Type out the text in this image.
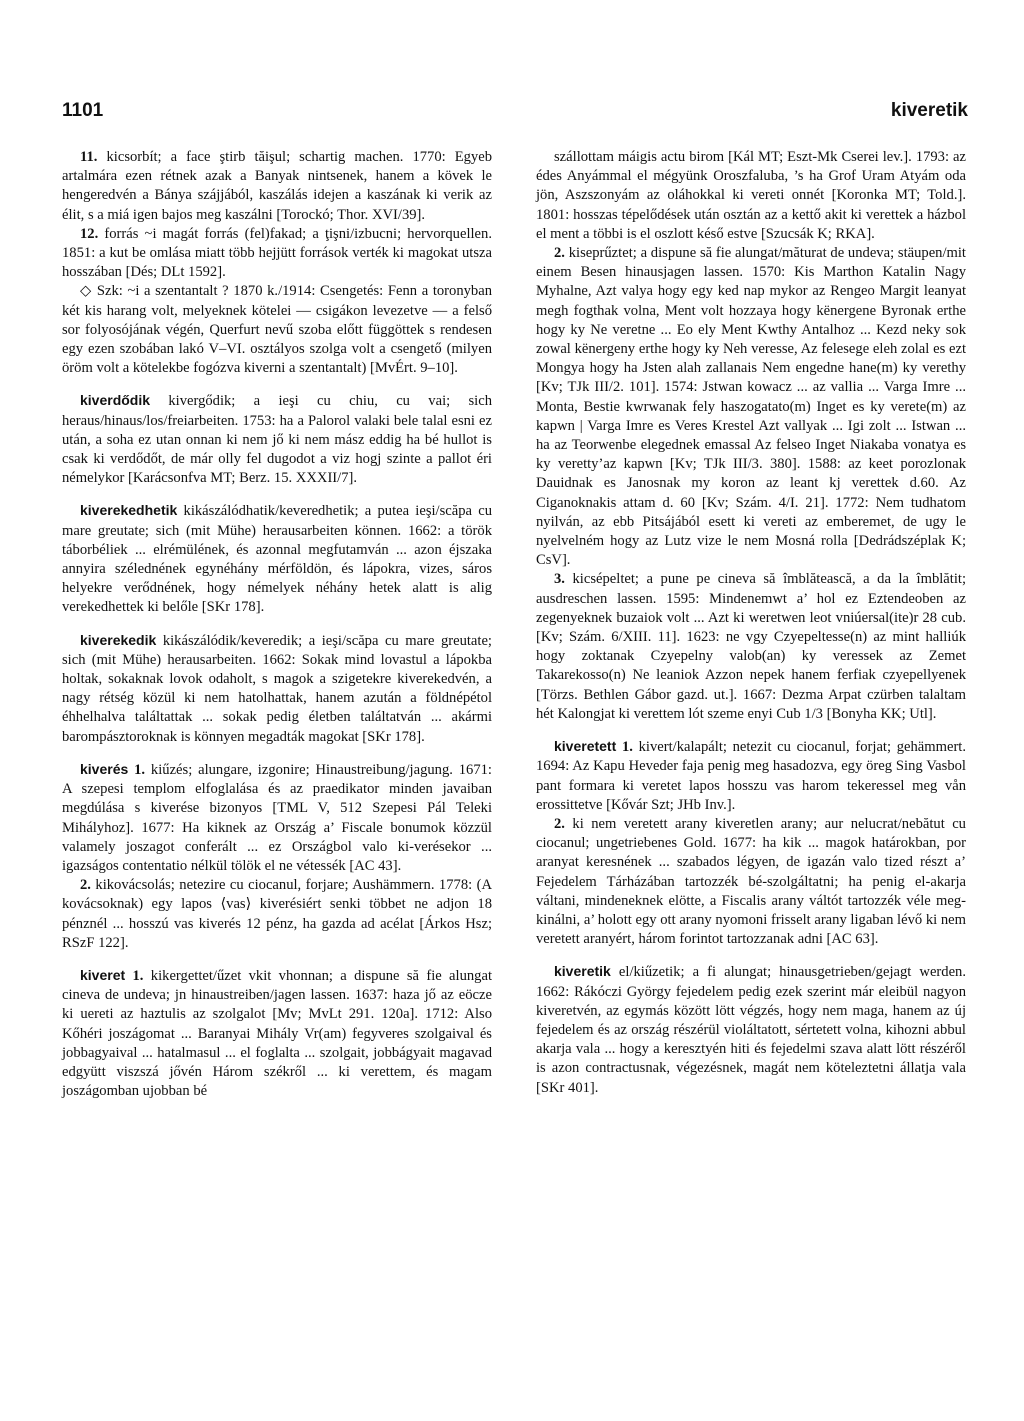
1101	kiveretik

11. kicsorbít; a face ştirb tăişul; schartig machen. 1770: Egyeb artalmára ezen rétnek azak a Banyak nintsenek, hanem a kövek le hengeredvén a Bánya szájjából, kaszálás idejen a kaszának ki verik az élit, s a miá igen bajos meg kaszálni [Torockó; Thor. XVI/39].

12. forrás ~i magát forrás (fel)fakad; a ţişni/izbucni; hervorquellen. 1851: a kut be omlása miatt több hejjütt források verték ki magokat utsza hosszában [Dés; DLt 1592].

◇ Szk: ~i a szentantalt ? 1870 k./1914: Csengetés: Fenn a toronyban két kis harang volt, melyeknek kötelei — csigákon levezetve — a felső sor folyosójának végén, Querfurt nevű szoba előtt függöttek s rendesen egy ezen szobában lakó V–VI. osztályos szolga volt a csengető (milyen öröm volt a kötelekbe fogózva kiverni a szentantalt) [MvÉrt. 9–10].

kiverdődik kivergődik; a ieşi cu chiu, cu vai; sich heraus/hinaus/los/freiarbeiten. 1753: ha a Palorol valaki bele talal esni ez után, a soha ez utan onnan ki nem jő ki nem mász eddig ha bé hullot is csak ki verdődőt, de már olly fel dugodot a viz hogj szinte a pallot éri némelykor [Karácsonfva MT; Berz. 15. XXXII/7].

kiverekedhetik kikászálódhatik/keveredhetik; a putea ieşi/scăpa cu mare greutate; sich (mit Mühe) herausarbeiten können. 1662: a török táborbéliek ... elrémülének, és azonnal megfutamván ... azon éjszaka annyira szélednének egynéhány mérföldön, és lápokra, vizes, sáros helyekre verődnének, hogy némelyek néhány hetek alatt is alig verekedhettek ki belőle [SKr 178].

kiverekedik kikászálódik/keveredik; a ieşi/scăpa cu mare greutate; sich (mit Mühe) herausarbeiten. 1662: Sokak mind lovastul a lápokba holtak, sokaknak lovok odaholt, s magok a szigetekre kiverekedvén, a nagy rétség közül ki nem hatolhattak, hanem azután a földnépétol éhhelhalva találtattak ... sokak pedig életben találtatván ... akármi barompásztoroknak is könnyen megadták magokat [SKr 178].

kiverés 1. kiűzés; alungare, izgonire; Hinaustreibung/jagung. 1671: A szepesi templom elfoglalása és az praedikator minden javaiban megdúlása s kiverése bizonyos [TML V, 512 Szepesi Pál Teleki Mihályhoz]. 1677: Ha kiknek az Ország a’ Fiscale bonumok közzül valamely joszagot conferált ... ez Országbol valo ki-verésekor ... igazságos contentatio nélkül tölök el ne vétessék [AC 43].

2. kikovácsolás; netezire cu ciocanul, forjare; Aushämmern. 1778: (A kovácsoknak) egy lapos ⟨vas⟩ kiverésiért senki többet ne adjon 18 pénznél ... hosszú vas kiverés 12 pénz, ha gazda ad acélat [Árkos Hsz; RSzF 122].

kiveret 1. kikergettet/űzet vkit vhonnan; a dispune să fie alungat cineva de undeva; jn hinaustreiben/jagen lassen. 1637: haza jő az eöcze ki uereti az haztulis az szolgalot [Mv; MvLt 291. 120a]. 1712: Also Kőhéri joszágomat ... Baranyai Mihály Vr(am) fegyveres szolgaival és jobbagyaival ... hatalmasul ... el foglalta ... szolgait, jobbágyait magavad edgyütt viszszá jővén Három székről ... ki verettem, és magam joszágomban ujobban bé

szállottam máigis actu birom [Kál MT; Eszt-Mk Cserei lev.]. 1793: az édes Anyámmal el mégyünk Oroszfaluba, ’s ha Grof Uram Atyám oda jön, Aszszonyám az oláhokkal ki vereti onnét [Koronka MT; Told.]. 1801: hosszas tépelődések után osztán az a kettő akit ki verettek a házbol el ment a többi is el oszlott késő estve [Szucsák K; RKA].

2. kiseprűztet; a dispune să fie alungat/măturat de undeva; stäupen/mit einem Besen hinausjagen lassen. 1570: Kis Marthon Katalin Nagy Myhalne, Azt valya hogy egy ked nap mykor az Rengeo Margit leanyat megh fogthak volna, Ment volt hozzaya hogy kënergene Byronak erthe hogy ky Ne veretne ... Eo ely Ment Kwthy Antalhoz ... Kezd neky sok zowal kënergeny erthe hogy ky Neh veresse, Az felesege eleh zolal es ezt Mongya hogy ha Jsten alah zallanais Nem engedne hane(m) ky verethy [Kv; TJk III/2. 101]. 1574: Jstwan kowacz ... az vallia ... Varga Imre ... Monta, Bestie kwrwanak fely haszogatato(m) Inget es ky verete(m) az kapwn | Varga Imre es Veres Krestel Azt vallyak ... Igi zolt ... Istwan ... ha az Teorwenbe elegednek emassal Az felseo Inget Niakaba vonatya es ky veretty’az kapwn [Kv; TJk III/3. 380]. 1588: az keet porozlonak Dauidnak es Janosnak my koron az leant kj verettek d.60. Az Ciganoknakis attam d. 60 [Kv; Szám. 4/I. 21]. 1772: Nem tudhatom nyilván, az ebb Pitsájából esett ki vereti az emberemet, de ugy le nyelvelném hogy az Lutz vize le nem Mosná rolla [Dedrádszéplak K; CsV].

3. kicsépeltet; a pune pe cineva să îmblătească, a da la îmblătit; ausdreschen lassen. 1595: Mindenemwt a’ hol ez Eztendeoben az zegenyeknek buzaiok volt ... Azt ki weretwen leot vniúersal(ite)r 28 cub. [Kv; Szám. 6/XIII. 11]. 1623: ne vgy Czyepeltesse(n) az mint halliúk hogy zoktanak Czyepelny valob(an) ky veressek az Zemet Takarekosso(n) Ne leaniok Azzon nepek hanem ferfiak czyepellyenek [Törzs. Bethlen Gábor gazd. ut.]. 1667: Dezma Arpat czürben talaltam hét Kalongjat ki verettem lót szeme enyi Cub 1/3 [Bonyha KK; Utl].

kiveretett 1. kivert/kalapált; netezit cu ciocanul, forjat; gehämmert. 1694: Az Kapu Heveder faja penig meg hasadozva, egy öreg Sing Vasbol pant formara ki veretet lapos hosszu vas harom tekeressel meg vån erossittetve [Kővár Szt; JHb Inv.].

2. ki nem veretett arany kiveretlen arany; aur nelucrat/nebătut cu ciocanul; ungetriebenes Gold. 1677: ha kik ... magok határokban, por aranyat keresnének ... szabados légyen, de igazán valo tized részt a’ Fejedelem Tárházában tartozzék bé-szolgáltatni; ha penig el-akarja váltani, mindeneknek elötte, a Fiscalis arany váltót tartozzék véle meg-kinálni, a’ holott egy ott arany nyomoni frisselt arany ligaban lévő ki nem veretett aranyért, három forintot tartozzanak adni [AC 63].

kiveretik el/kiűzetik; a fi alungat; hinausgetrieben/gejagt werden. 1662: Rákóczi György fejedelem pedig ezek szerint már eleibül nagyon kiveretvén, az egymás között lött végzés, hogy nem maga, hanem az új fejedelem és az ország részérül violáltatott, sértetett volna, kihozni abbul akarja vala ... hogy a keresztyén hiti és fejedelmi szava alatt lött részéről is azon contractusnak, végezésnek, magát nem köteleztetni állatja vala [SKr 401].
